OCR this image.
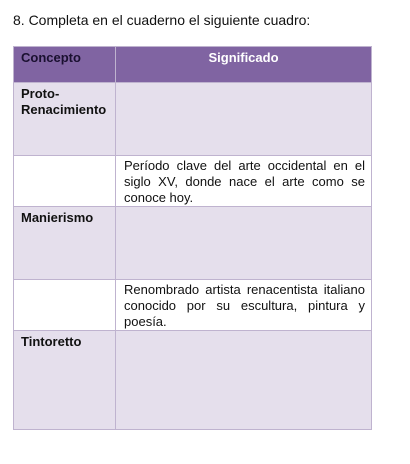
8. Completa en el cuaderno el siguiente cuadro:
Concepto	Significado
Proto-
Renacimiento	
	Período clave del arte occidental en el siglo XV, donde nace el arte como se conoce hoy.
Manierismo	
	Renombrado artista renacentista italiano conocido por su escultura, pintura y poesía.
Tintoretto	
